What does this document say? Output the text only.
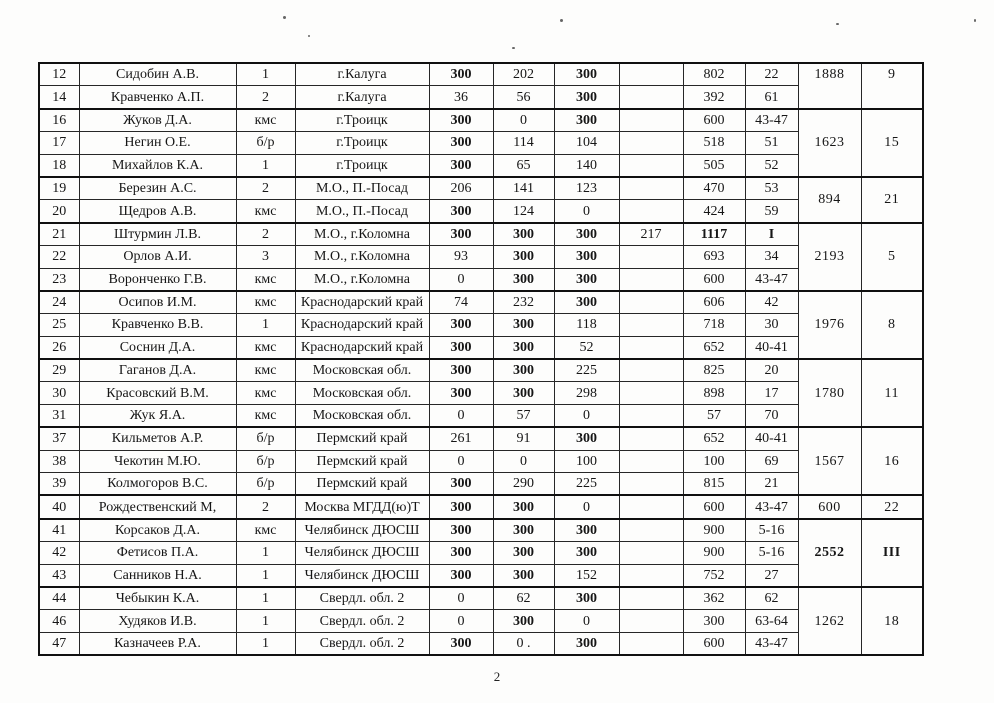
12	Сидобин А.В.	1	г.Калуга	300	202	300		802	22	1888	9
14	Кравченко А.П.	2	г.Калуга	36	56	300		392	61		
16	Жуков Д.А.	кмс	г.Троицк	300	0	300		600	43-47	1623	15
17	Негин О.Е.	б/р	г.Троицк	300	114	104		518	51		
18	Михайлов К.А.	1	г.Троицк	300	65	140		505	52		
19	Березин А.С.	2	М.О., П.-Посад	206	141	123		470	53	894	21
20	Щедров А.В.	кмс	М.О., П.-Посад	300	124	0		424	59		
21	Штурмин Л.В.	2	М.О., г.Коломна	300	300	300	217	1117	I	2193	5
22	Орлов А.И.	3	М.О., г.Коломна	93	300	300		693	34		
23	Воронченко Г.В.	кмс	М.О., г.Коломна	0	300	300		600	43-47		
24	Осипов И.М.	кмс	Краснодарский край	74	232	300		606	42	1976	8
25	Кравченко В.В.	1	Краснодарский край	300	300	118		718	30		
26	Соснин Д.А.	кмс	Краснодарский край	300	300	52		652	40-41		
29	Гаганов Д.А.	кмс	Московская обл.	300	300	225		825	20	1780	11
30	Красовский В.М.	кмс	Московская обл.	300	300	298		898	17		
31	Жук Я.А.	кмс	Московская обл.	0	57	0		57	70		
37	Кильметов А.Р.	б/р	Пермский край	261	91	300		652	40-41	1567	16
38	Чекотин М.Ю.	б/р	Пермский край	0	0	100		100	69		
39	Колмогоров В.С.	б/р	Пермский край	300	290	225		815	21		
40	Рождественский М,	2	Москва МГДД(ю)Т	300	300	0		600	43-47	600	22
41	Корсаков Д.А.	кмс	Челябинск ДЮСШ	300	300	300		900	5-16	2552	III
42	Фетисов П.А.	1	Челябинск ДЮСШ	300	300	300		900	5-16		
43	Санников Н.А.	1	Челябинск ДЮСШ	300	300	152		752	27		
44	Чебыкин К.А.	1	Свердл. обл. 2	0	62	300		362	62	1262	18
46	Худяков И.В.	1	Свердл. обл. 2	0	300	0		300	63-64		
47	Казначеев Р.А.	1	Свердл. обл. 2	300	0 .	300		600	43-47		
2
